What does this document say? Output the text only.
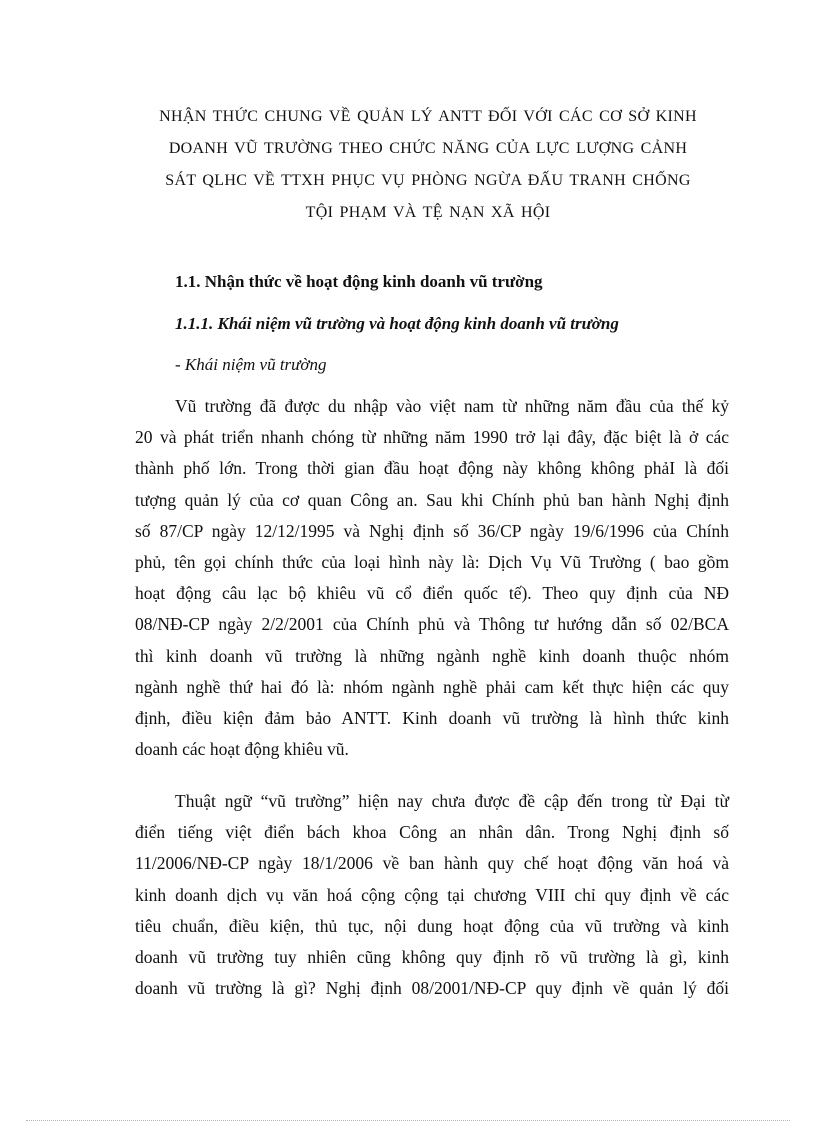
NHẬN THỨC CHUNG VỀ QUẢN LÝ ANTT ĐỐI VỚI CÁC CƠ SỞ KINH
DOANH VŨ TRƯỜNG THEO CHỨC NĂNG CỦA LỰC LƯỢNG CẢNH
SÁT QLHC VỀ TTXH PHỤC VỤ PHÒNG NGỪA ĐẤU TRANH CHỐNG
TỘI PHẠM VÀ TỆ NẠN XÃ HỘI
1.1. Nhận thức về hoạt động kinh doanh vũ trường
1.1.1. Khái niệm vũ trường và hoạt động kinh doanh vũ trường
- Khái niệm vũ trường
Vũ trường đã được du nhập vào việt nam từ những năm đầu của thế kỷ
20 và phát triển nhanh chóng từ những năm 1990 trở lại đây, đặc biệt là ở các
thành phố lớn. Trong thời gian đầu hoạt động này không không phảI là đối
tượng quản lý của cơ quan Công an. Sau khi Chính phủ ban hành Nghị định
số 87/CP ngày 12/12/1995 và Nghị định số 36/CP ngày 19/6/1996 của Chính
phủ, tên gọi chính thức của loại hình này là: Dịch Vụ Vũ Trường ( bao gồm
hoạt động câu lạc bộ khiêu vũ cổ điển quốc tế). Theo quy định của NĐ
08/NĐ-CP ngày 2/2/2001 của Chính phủ và Thông tư hướng dẫn số 02/BCA
thì kinh doanh vũ trường là những ngành nghề kinh doanh thuộc nhóm
ngành nghề thứ hai đó là: nhóm ngành nghề phải cam kết thực hiện các quy
định, điều kiện đảm bảo ANTT. Kinh doanh vũ trường là hình thức kinh
doanh các hoạt động khiêu vũ.
Thuật ngữ “vũ trường” hiện nay chưa được đề cập đến trong từ Đại từ
điển tiếng việt điển bách khoa Công an nhân dân. Trong Nghị định số
11/2006/NĐ-CP ngày 18/1/2006 về ban hành quy chế hoạt động văn hoá và
kinh doanh dịch vụ văn hoá cộng cộng tại chương VIII chỉ quy định về các
tiêu chuẩn, điều kiện, thủ tục, nội dung hoạt động của vũ trường và kinh
doanh vũ trường tuy nhiên cũng không quy định rõ vũ trường là gì, kinh
doanh vũ trường là gì? Nghị định 08/2001/NĐ-CP quy định về quản lý đối
